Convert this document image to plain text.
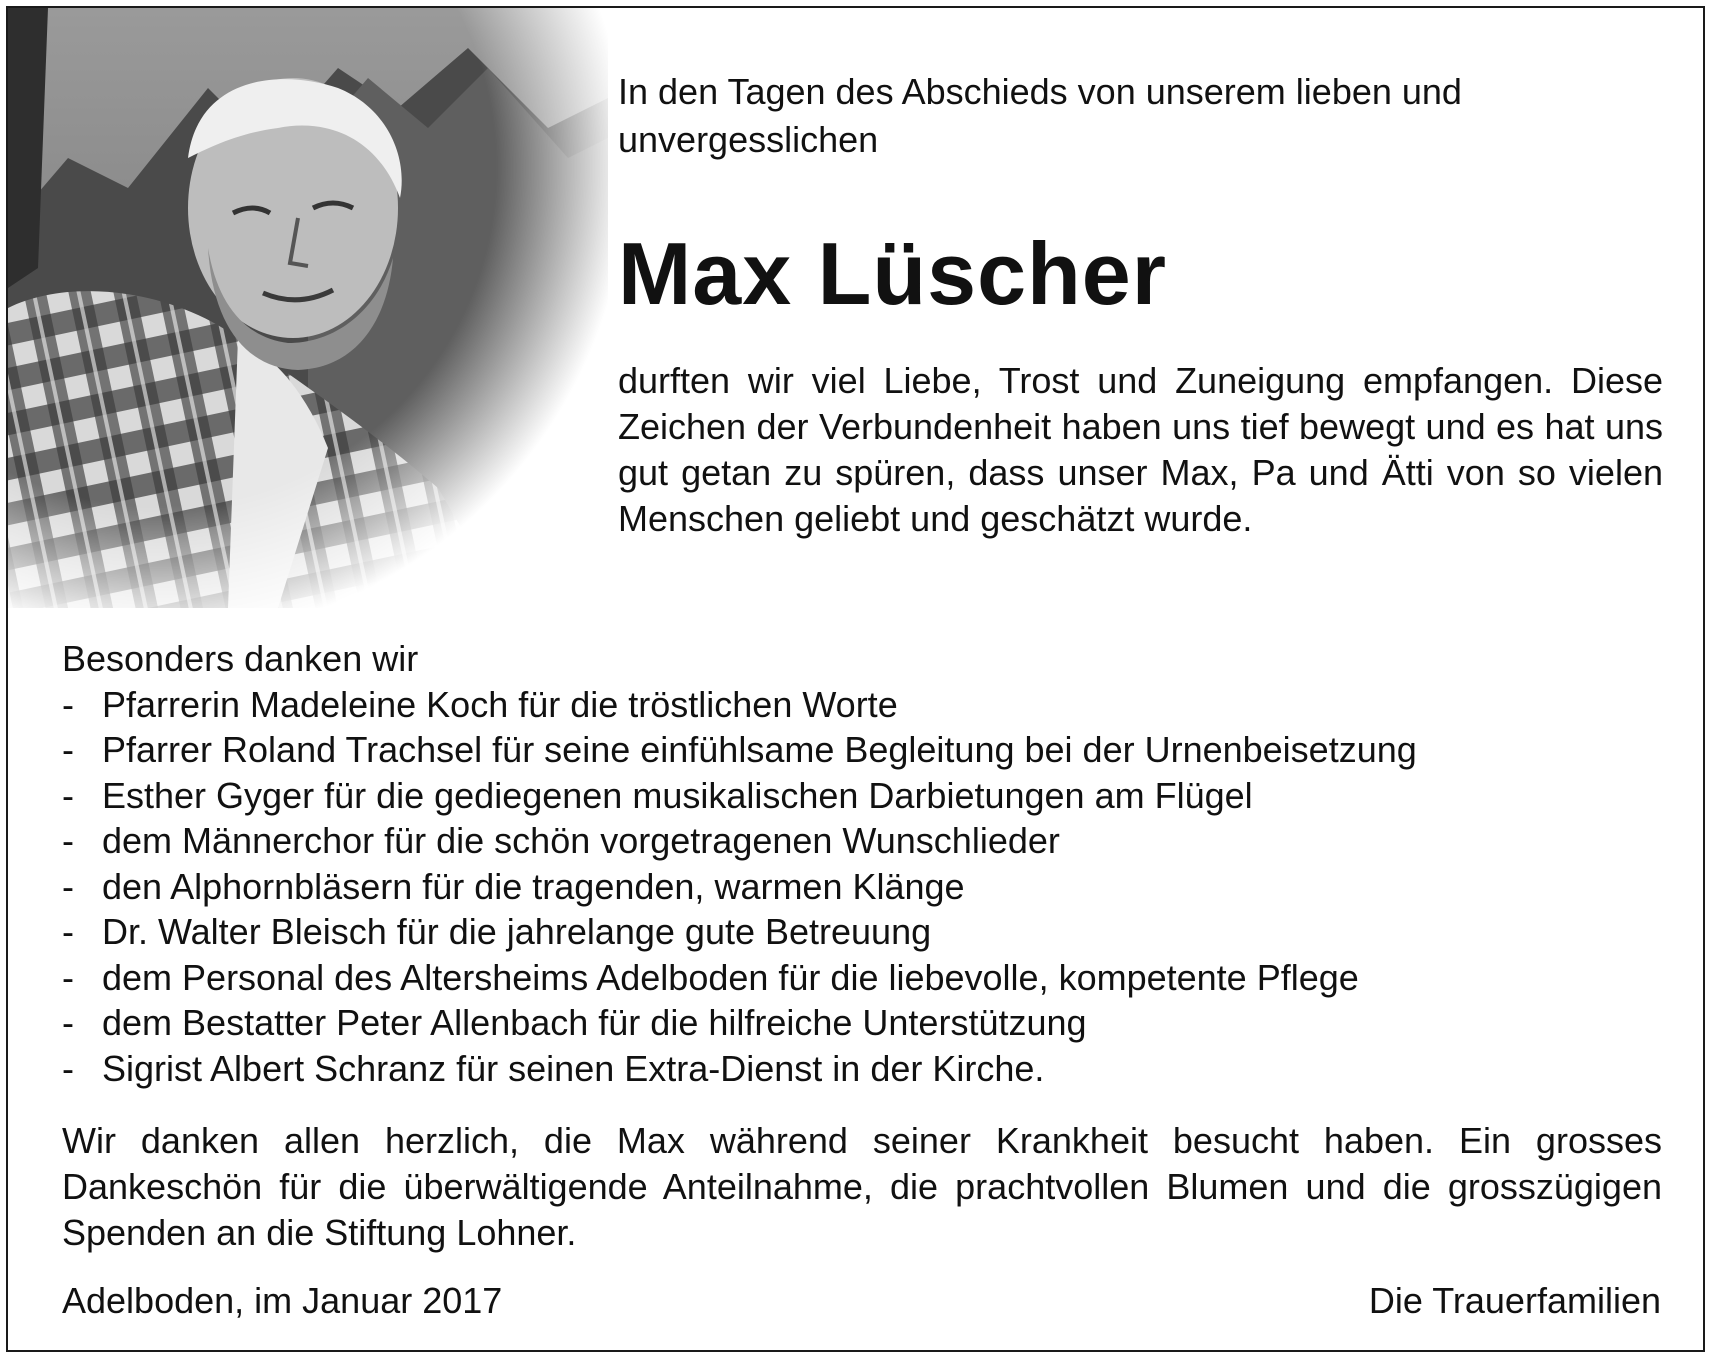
In den Tagen des Abschieds von unserem lieben und unvergesslichen

Max Lüscher

durften wir viel Liebe, Trost und Zuneigung empfangen. Diese Zeichen der Verbundenheit haben uns tief bewegt und es hat uns gut getan zu spüren, dass unser Max, Pa und Ätti von so vielen Menschen geliebt und geschätzt wurde.

Besonders danken wir

- Pfarrerin Madeleine Koch für die tröstlichen Worte
- Pfarrer Roland Trachsel für seine einfühlsame Begleitung bei der Urnenbeisetzung
- Esther Gyger für die gediegenen musikalischen Darbietungen am Flügel
- dem Männerchor für die schön vorgetragenen Wunschlieder
- den Alphornbläsern für die tragenden, warmen Klänge
- Dr. Walter Bleisch für die jahrelange gute Betreuung
- dem Personal des Altersheims Adelboden für die liebevolle, kompetente Pflege
- dem Bestatter Peter Allenbach für die hilfreiche Unterstützung
- Sigrist Albert Schranz für seinen Extra-Dienst in der Kirche.

Wir danken allen herzlich, die Max während seiner Krankheit besucht haben. Ein grosses Dankeschön für die überwältigende Anteilnahme, die prachtvollen Blumen und die grosszügigen Spenden an die Stiftung Lohner.

Adelboden, im Januar 2017	Die Trauerfamilien
